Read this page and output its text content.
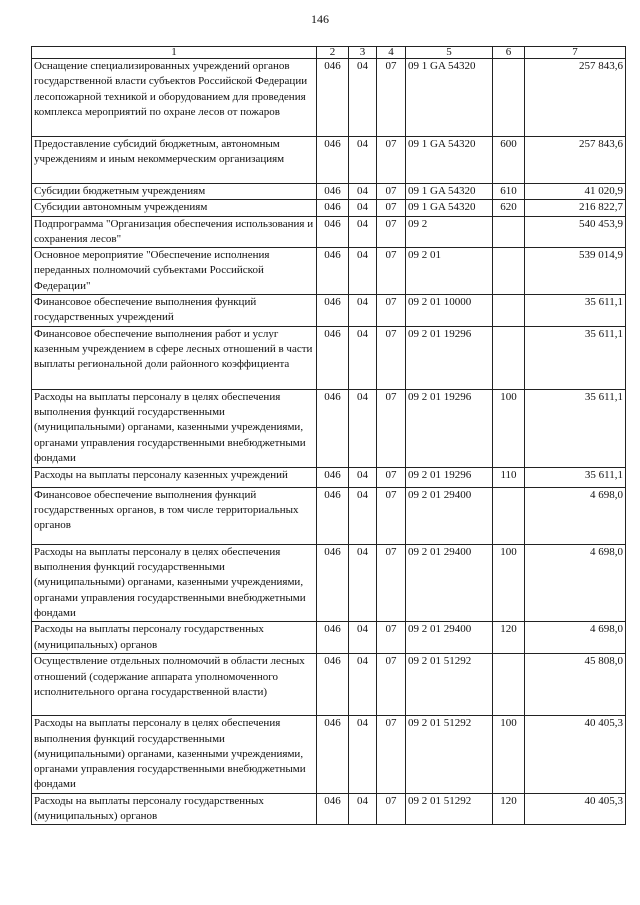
146
1	2	3	4	5	6	7
Оснащение специализированных учреждений органов государственной власти субъектов Российской Федерации лесопожарной техникой и оборудованием для проведения комплекса мероприятий по охране лесов от пожаров	046	04	07	09 1 GA 54320		257 843,6
Предоставление субсидий бюджетным, автономным учреждениям и иным некоммерческим организациям	046	04	07	09 1 GA 54320	600	257 843,6
Субсидии бюджетным учреждениям	046	04	07	09 1 GA 54320	610	41 020,9
Субсидии автономным учреждениям	046	04	07	09 1 GA 54320	620	216 822,7
Подпрограмма "Организация обеспечения использования и сохранения лесов"	046	04	07	09 2		540 453,9
Основное мероприятие "Обеспечение исполнения переданных полномочий субъектами Российской Федерации"	046	04	07	09 2 01		539 014,9
Финансовое обеспечение выполнения функций государственных учреждений	046	04	07	09 2 01 10000		35 611,1
Финансовое обеспечение выполнения работ и услуг казенным учреждением в сфере лесных отношений в части выплаты региональной доли районного коэффициента	046	04	07	09 2 01 19296		35 611,1
Расходы на выплаты персоналу в целях обеспечения выполнения функций государственными (муниципальными) органами, казенными учреждениями, органами управления государственными внебюджетными фондами	046	04	07	09 2 01 19296	100	35 611,1
Расходы на выплаты персоналу казенных учреждений	046	04	07	09 2 01 19296	110	35 611,1
Финансовое обеспечение выполнения функций государственных органов, в том числе территориальных органов	046	04	07	09 2 01 29400		4 698,0
Расходы на выплаты персоналу в целях обеспечения выполнения функций государственными (муниципальными) органами, казенными учреждениями, органами управления государственными внебюджетными фондами	046	04	07	09 2 01 29400	100	4 698,0
Расходы на выплаты персоналу государственных (муниципальных) органов	046	04	07	09 2 01 29400	120	4 698,0
Осуществление отдельных полномочий в области лесных отношений (содержание аппарата уполномоченного исполнительного органа государственной власти)	046	04	07	09 2 01 51292		45 808,0
Расходы на выплаты персоналу в целях обеспечения выполнения функций государственными (муниципальными) органами, казенными учреждениями, органами управления государственными внебюджетными фондами	046	04	07	09 2 01 51292	100	40 405,3
Расходы на выплаты персоналу государственных (муниципальных) органов	046	04	07	09 2 01 51292	120	40 405,3
